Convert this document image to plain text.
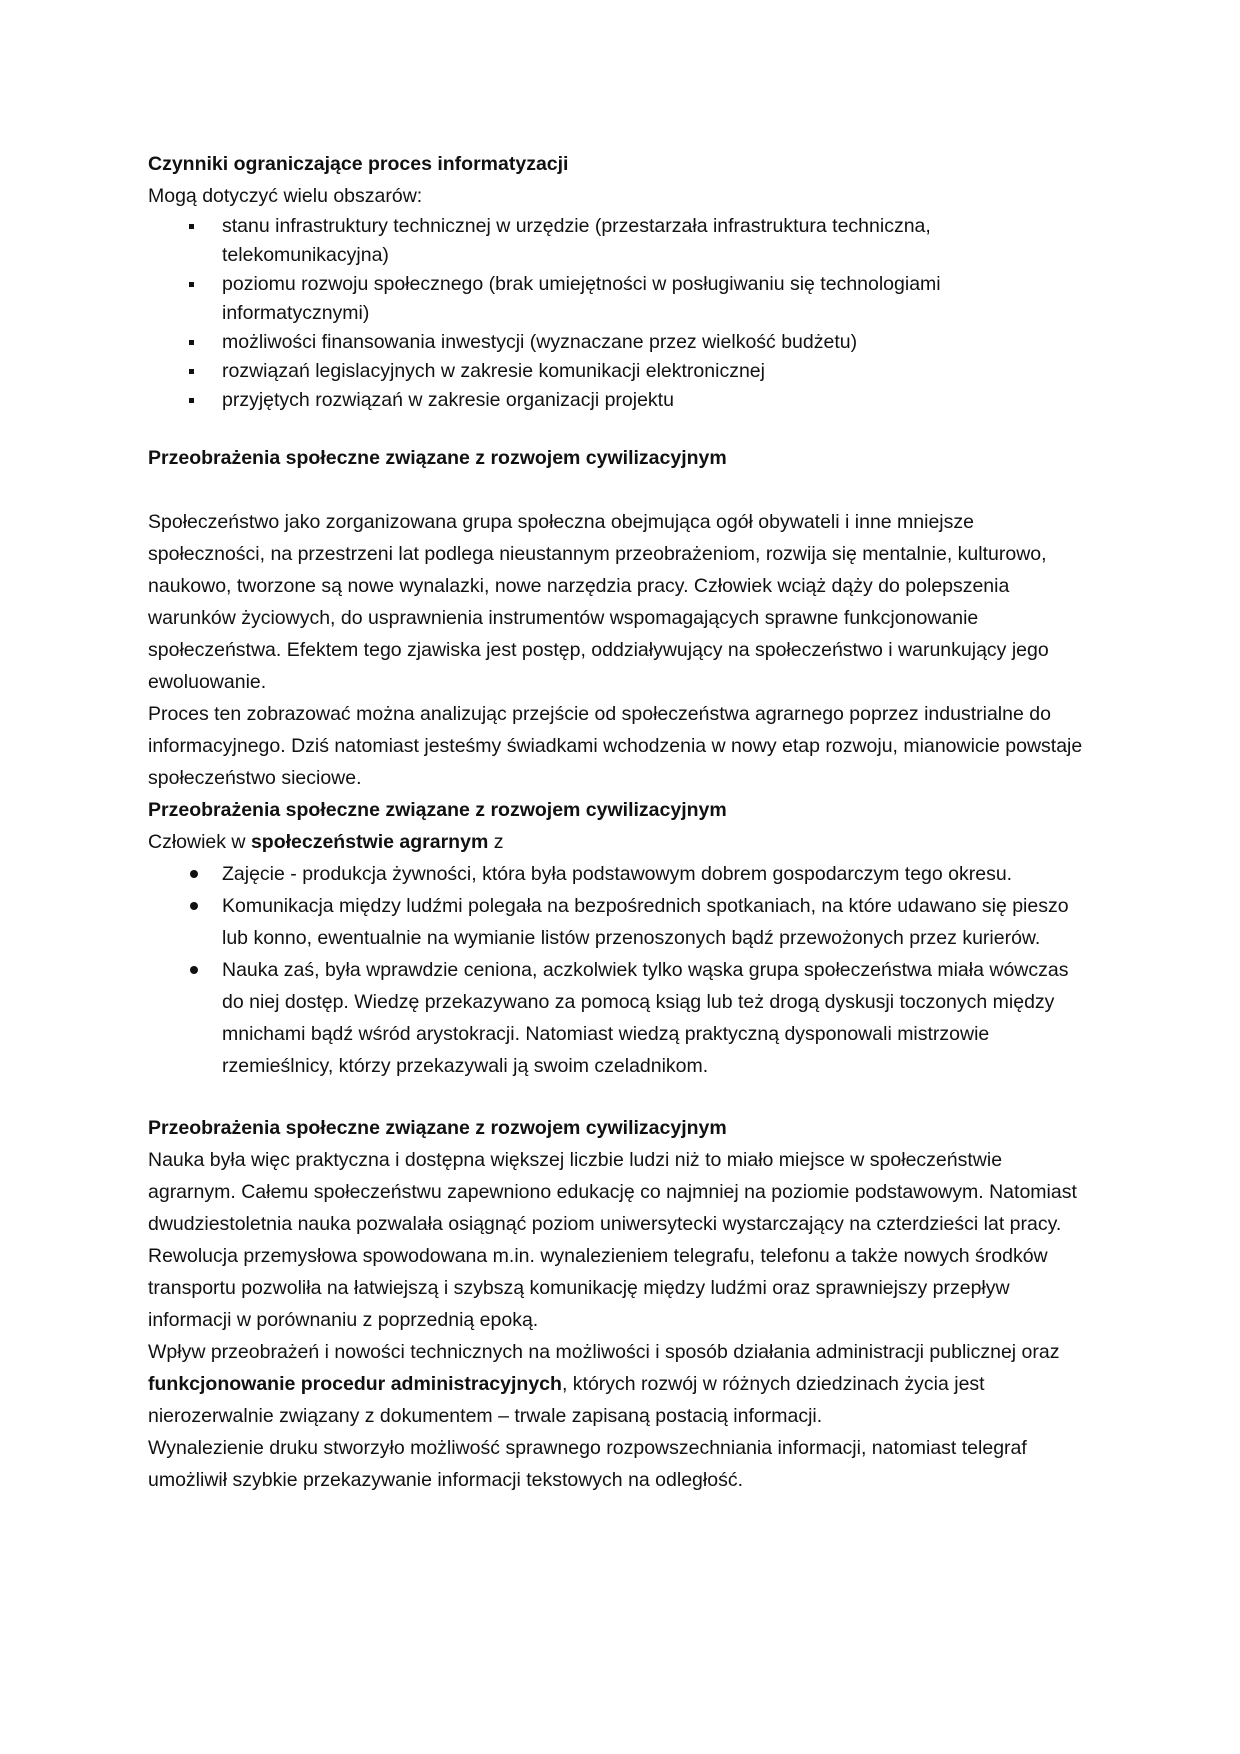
Czynniki ograniczające proces informatyzacji

Mogą dotyczyć wielu obszarów:

stanu infrastruktury technicznej w urzędzie (przestarzała infrastruktura techniczna, telekomunikacyjna)
poziomu rozwoju społecznego (brak umiejętności w posługiwaniu się technologiami informatycznymi)
możliwości finansowania inwestycji (wyznaczane przez wielkość budżetu)
rozwiązań legislacyjnych w zakresie komunikacji elektronicznej
przyjętych rozwiązań w zakresie organizacji projektu
Przeobrażenia społeczne związane z rozwojem cywilizacyjnym

Społeczeństwo jako zorganizowana grupa społeczna obejmująca ogół obywateli i inne mniejsze społeczności, na przestrzeni lat podlega nieustannym przeobrażeniom, rozwija się mentalnie, kulturowo, naukowo, tworzone są nowe wynalazki, nowe narzędzia pracy. Człowiek wciąż dąży do polepszenia warunków życiowych, do usprawnienia instrumentów wspomagających sprawne funkcjonowanie społeczeństwa. Efektem tego zjawiska jest postęp, oddziaływujący na społeczeństwo i warunkujący jego ewoluowanie.

Proces ten zobrazować można analizując przejście od społeczeństwa agrarnego poprzez industrialne do informacyjnego. Dziś natomiast jesteśmy świadkami wchodzenia w nowy etap rozwoju, mianowicie powstaje społeczeństwo sieciowe.

Przeobrażenia społeczne związane z rozwojem cywilizacyjnym

Człowiek w społeczeństwie agrarnym z

Zajęcie - produkcja żywności, która była podstawowym dobrem gospodarczym tego okresu.
Komunikacja między ludźmi polegała na bezpośrednich spotkaniach, na które udawano się pieszo lub konno, ewentualnie na wymianie listów przenoszonych bądź przewożonych przez kurierów.
Nauka zaś, była wprawdzie ceniona, aczkolwiek tylko wąska grupa społeczeństwa miała wówczas do niej dostęp. Wiedzę przekazywano za pomocą ksiąg lub też drogą dyskusji toczonych między mnichami bądź wśród arystokracji. Natomiast wiedzą praktyczną dysponowali mistrzowie rzemieślnicy, którzy przekazywali ją swoim czeladnikom.
Przeobrażenia społeczne związane z rozwojem cywilizacyjnym

Nauka była więc praktyczna i dostępna większej liczbie ludzi niż to miało miejsce w społeczeństwie agrarnym. Całemu społeczeństwu zapewniono edukację co najmniej na poziomie podstawowym. Natomiast dwudziestoletnia nauka pozwalała osiągnąć poziom uniwersytecki wystarczający na czterdzieści lat pracy.

Rewolucja przemysłowa spowodowana m.in. wynalezieniem telegrafu, telefonu a także nowych środków transportu pozwoliła na łatwiejszą i szybszą komunikację między ludźmi oraz sprawniejszy przepływ informacji w porównaniu z poprzednią epoką.

Wpływ przeobrażeń i nowości technicznych na możliwości i sposób działania administracji publicznej oraz funkcjonowanie procedur administracyjnych, których rozwój w różnych dziedzinach życia jest nierozerwalnie związany z dokumentem – trwale zapisaną postacią informacji.

Wynalezienie druku stworzyło możliwość sprawnego rozpowszechniania informacji, natomiast telegraf umożliwił szybkie przekazywanie informacji tekstowych na odległość.
